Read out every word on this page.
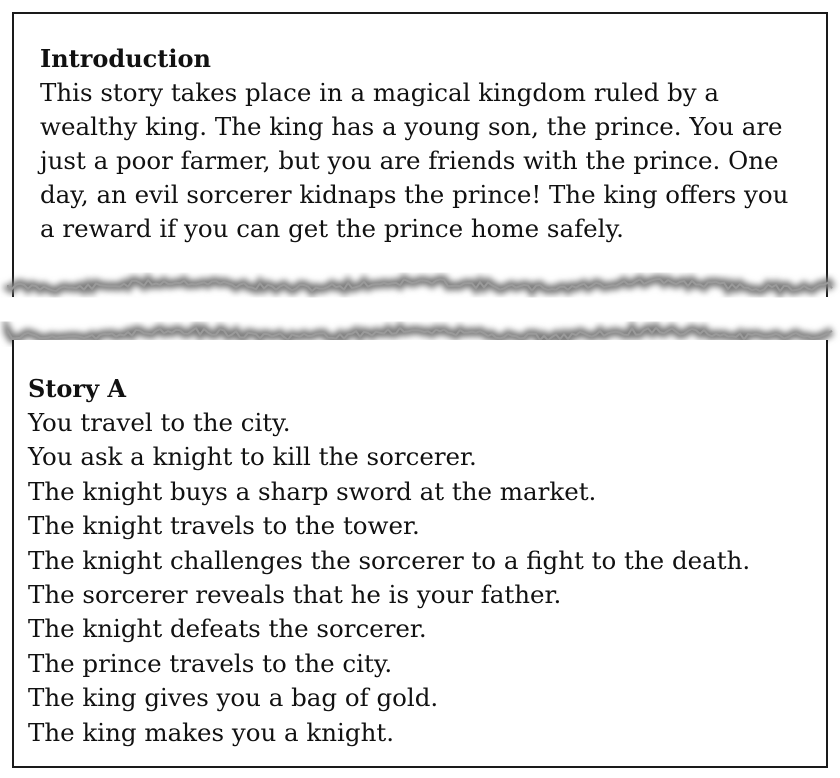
Introduction

This story takes place in a magical kingdom ruled by a wealthy king. The king has a young son, the prince. You are just a poor farmer, but you are friends with the prince. One day, an evil sorcerer kidnaps the prince! The king offers you a reward if you can get the prince home safely.

Story A
You travel to the city.
You ask a knight to kill the sorcerer.
The knight buys a sharp sword at the market.
The knight travels to the tower.
The knight challenges the sorcerer to a fight to the death.
The sorcerer reveals that he is your father.
The knight defeats the sorcerer.
The prince travels to the city.
The king gives you a bag of gold.
The king makes you a knight.
